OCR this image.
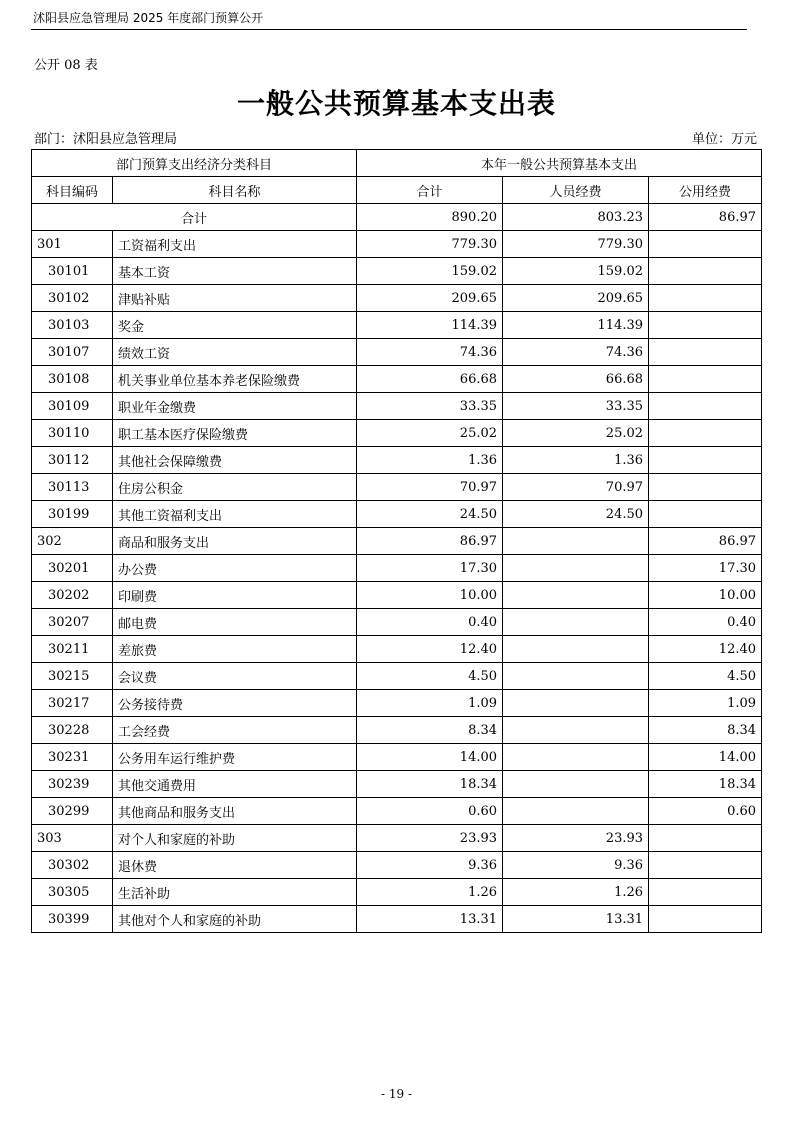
沭阳县应急管理局 2025 年度部门预算公开
公开 08 表
一般公共预算基本支出表
部门：沭阳县应急管理局	单位：万元
部门预算支出经济分类科目		本年一般公共预算基本支出		
科目编码	科目名称	合计	人员经费	公用经费
合计		890.20	803.23	86.97
301	工资福利支出	779.30	779.30	
30101	基本工资	159.02	159.02	
30102	津贴补贴	209.65	209.65	
30103	奖金	114.39	114.39	
30107	绩效工资	74.36	74.36	
30108	机关事业单位基本养老保险缴费	66.68	66.68	
30109	职业年金缴费	33.35	33.35	
30110	职工基本医疗保险缴费	25.02	25.02	
30112	其他社会保障缴费	1.36	1.36	
30113	住房公积金	70.97	70.97	
30199	其他工资福利支出	24.50	24.50	
302	商品和服务支出	86.97		86.97
30201	办公费	17.30		17.30
30202	印刷费	10.00		10.00
30207	邮电费	0.40		0.40
30211	差旅费	12.40		12.40
30215	会议费	4.50		4.50
30217	公务接待费	1.09		1.09
30228	工会经费	8.34		8.34
30231	公务用车运行维护费	14.00		14.00
30239	其他交通费用	18.34		18.34
30299	其他商品和服务支出	0.60		0.60
303	对个人和家庭的补助	23.93	23.93	
30302	退休费	9.36	9.36	
30305	生活补助	1.26	1.26	
30399	其他对个人和家庭的补助	13.31	13.31	
- 19 -
